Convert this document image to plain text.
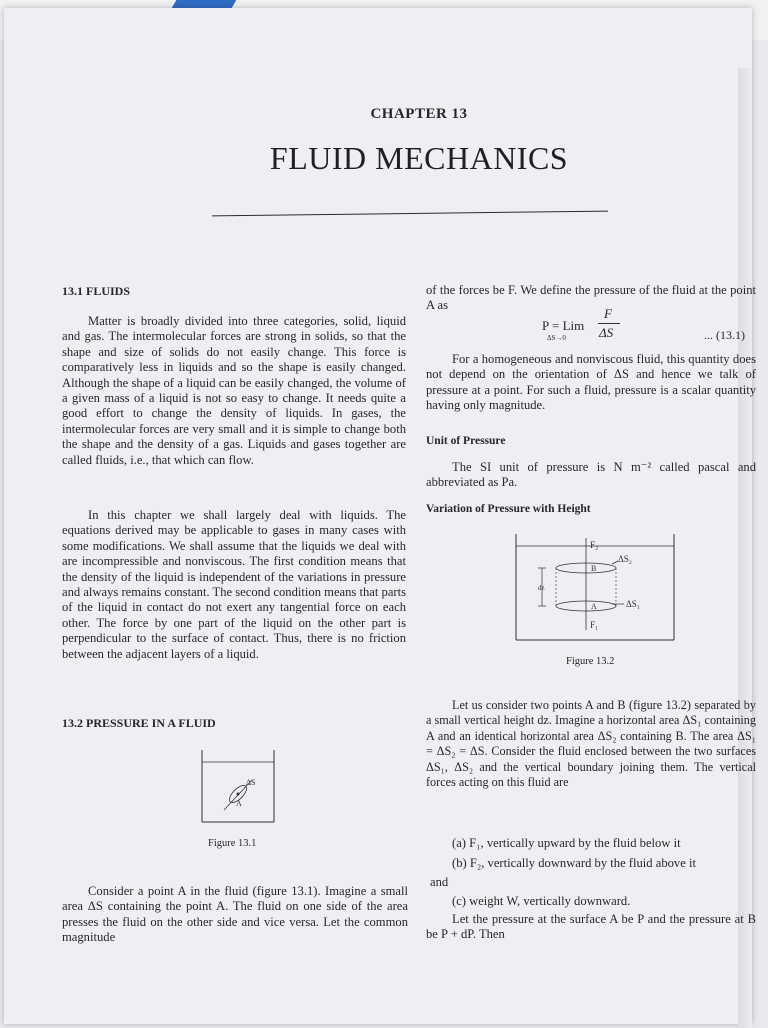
CHAPTER 13
FLUID MECHANICS
13.1 FLUIDS
Matter is broadly divided into three categories, solid, liquid and gas. The intermolecular forces are strong in solids, so that the shape and size of solids do not easily change. This force is comparatively less in liquids and so the shape is easily changed. Although the shape of a liquid can be easily changed, the volume of a given mass of a liquid is not so easy to change. It needs quite a good effort to change the density of liquids. In gases, the intermolecular forces are very small and it is simple to change both the shape and the density of a gas. Liquids and gases together are called fluids, i.e., that which can flow.
In this chapter we shall largely deal with liquids. The equations derived may be applicable to gases in many cases with some modifications. We shall assume that the liquids we deal with are incompressible and nonviscous. The first condition means that the density of the liquid is independent of the variations in pressure and always remains constant. The second condition means that parts of the liquid in contact do not exert any tangential force on each other. The force by one part of the liquid on the other part is perpendicular to the surface of contact. Thus, there is no friction between the adjacent layers of a liquid.
13.2 PRESSURE IN A FLUID
ΔS
A
Figure 13.1
Consider a point A in the fluid (figure 13.1). Imagine a small area ΔS containing the point A. The fluid on one side of the area presses the fluid on the other side and vice versa. Let the common magnitude
of the forces be F. We define the pressure of the fluid at the point A as
P = Lim
ΔS→0
F
ΔS	... (13.1)
For a homogeneous and nonviscous fluid, this quantity does not depend on the orientation of ΔS and hence we talk of pressure at a point. For such a fluid, pressure is a scalar quantity having only magnitude.
Unit of Pressure
The SI unit of pressure is N m⁻² called pascal and abbreviated as Pa.
Variation of Pressure with Height
F₂
ΔS₂
B
dz
A	ΔS₁
F₁
Figure 13.2
Let us consider two points A and B (figure 13.2) separated by a small vertical height dz. Imagine a horizontal area ΔS₁ containing A and an identical horizontal area ΔS₂ containing B. The area ΔS₁ = ΔS₂ = ΔS. Consider the fluid enclosed between the two surfaces ΔS₁, ΔS₂ and the vertical boundary joining them. The vertical forces acting on this fluid are
(a) F₁, vertically upward by the fluid below it
(b) F₂, vertically downward by the fluid above it
and
(c) weight W, vertically downward.
Let the pressure at the surface A be P and the pressure at B be P + dP. Then
